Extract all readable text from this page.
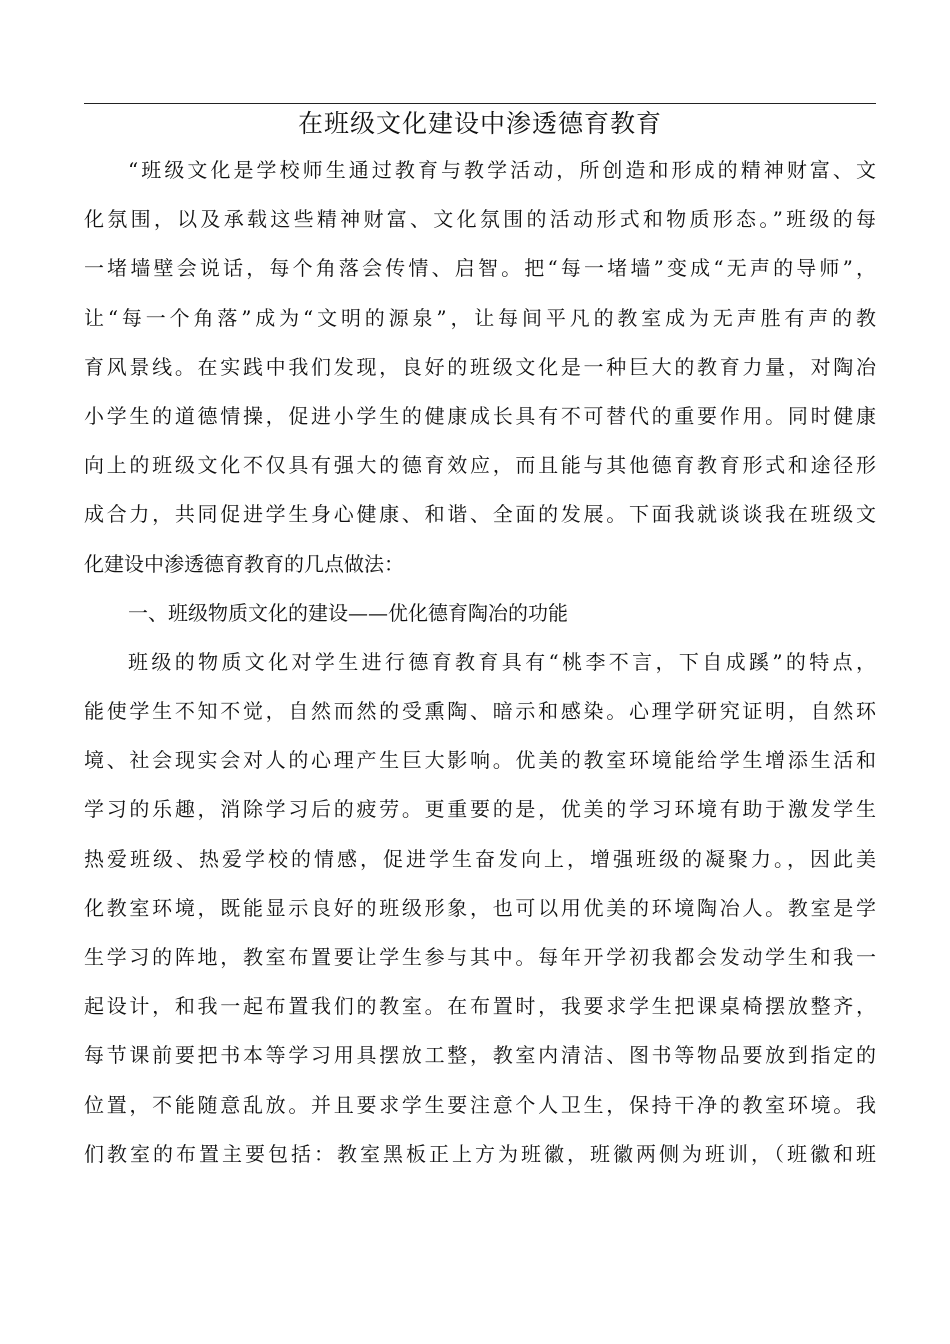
在班级文化建设中渗透德育教育
“班级文化是学校师生通过教育与教学活动，所创造和形成的精神财富、文
化氛围，以及承载这些精神财富、文化氛围的活动形式和物质形态。”班级的每
一堵墙壁会说话，每个角落会传情、启智。把“每一堵墙”变成“无声的导师”，
让“每一个角落”成为“文明的源泉”，让每间平凡的教室成为无声胜有声的教
育风景线。在实践中我们发现，良好的班级文化是一种巨大的教育力量，对陶冶
小学生的道德情操，促进小学生的健康成长具有不可替代的重要作用。同时健康
向上的班级文化不仅具有强大的德育效应，而且能与其他德育教育形式和途径形
成合力，共同促进学生身心健康、和谐、全面的发展。下面我就谈谈我在班级文
化建设中渗透德育教育的几点做法：
一、班级物质文化的建设——优化德育陶冶的功能
班级的物质文化对学生进行德育教育具有“桃李不言，下自成蹊”的特点，
能使学生不知不觉，自然而然的受熏陶、暗示和感染。心理学研究证明，自然环
境、社会现实会对人的心理产生巨大影响。优美的教室环境能给学生增添生活和
学习的乐趣，消除学习后的疲劳。更重要的是，优美的学习环境有助于激发学生
热爱班级、热爱学校的情感，促进学生奋发向上，增强班级的凝聚力。，因此美
化教室环境，既能显示良好的班级形象，也可以用优美的环境陶冶人。教室是学
生学习的阵地，教室布置要让学生参与其中。每年开学初我都会发动学生和我一
起设计，和我一起布置我们的教室。在布置时，我要求学生把课桌椅摆放整齐，
每节课前要把书本等学习用具摆放工整，教室内清洁、图书等物品要放到指定的
位置，不能随意乱放。并且要求学生要注意个人卫生，保持干净的教室环境。我
们教室的布置主要包括：教室黑板正上方为班徽，班徽两侧为班训，（班徽和班
